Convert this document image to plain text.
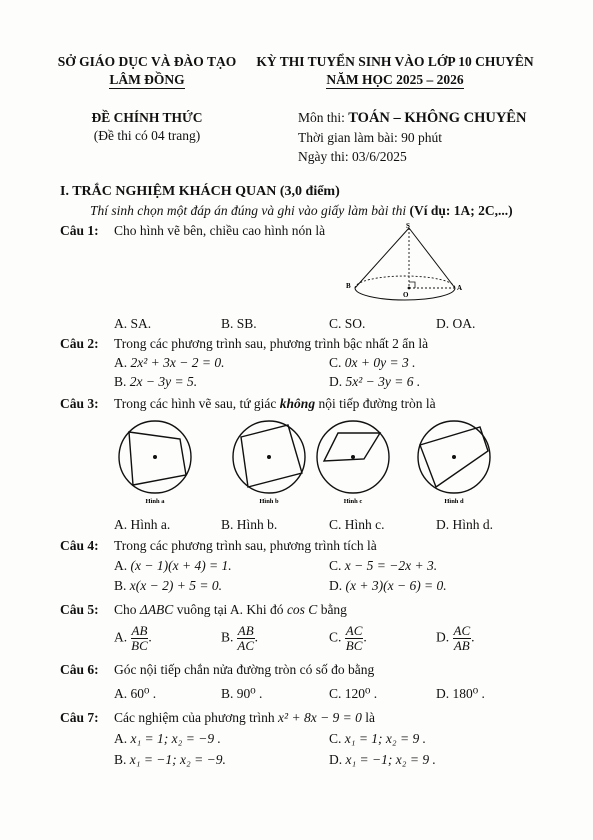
SỞ GIÁO DỤC VÀ ĐÀO TẠO
LÂM ĐỒNG
KỲ THI TUYỂN SINH VÀO LỚP 10 CHUYÊN
NĂM HỌC 2025 – 2026
ĐỀ CHÍNH THỨC
(Đề thi có 04 trang)
Môn thi: TOÁN – KHÔNG CHUYÊN
Thời gian làm bài: 90 phút
Ngày thi: 03/6/2025
I. TRẮC NGHIỆM KHÁCH QUAN (3,0 điểm)
Thí sinh chọn một đáp án đúng và ghi vào giấy làm bài thi (Ví dụ: 1A; 2C,...)
Câu 1: Cho hình vẽ bên, chiều cao hình nón là	S
B
O
A
A. SA.	B. SB.	C. SO.	D. OA.
Câu 2: Trong các phương trình sau, phương trình bậc nhất 2 ẩn là
A. 2x² + 3x − 2 = 0.	C. 0x + 0y = 3 .
B. 2x − 3y = 5.	D. 5x² − 3y = 6 .
Câu 3: Trong các hình vẽ sau, tứ giác không nội tiếp đường tròn là
Hình a	Hình b	Hình c	Hình d
A. Hình a.	B. Hình b.	C. Hình c.	D. Hình d.
Câu 4: Trong các phương trình sau, phương trình tích là
A. (x − 1)(x + 4) = 1.	C. x − 5 = −2x + 3.
B. x(x − 2) + 5 = 0.	D. (x + 3)(x − 6) = 0.
Câu 5: Cho ΔABC vuông tại A. Khi đó cos C bằng
A. $\frac{AB}{BC}$ .	B. $\frac{AB}{AC}$ .	C. $\frac{AC}{BC}$ .	D. $\frac{AC}{AB}$ .
Câu 6: Góc nội tiếp chắn nửa đường tròn có số đo bằng
A. 60⁰ .	B. 90⁰ .	C. 120⁰ .	D. 180⁰ .
Câu 7: Các nghiệm của phương trình x² + 8x − 9 = 0 là
A. x₁ = 1; x₂ = −9 .	C. x₁ = 1; x₂ = 9 .
B. x₁ = −1; x₂ = −9.	D. x₁ = −1; x₂ = 9 .
